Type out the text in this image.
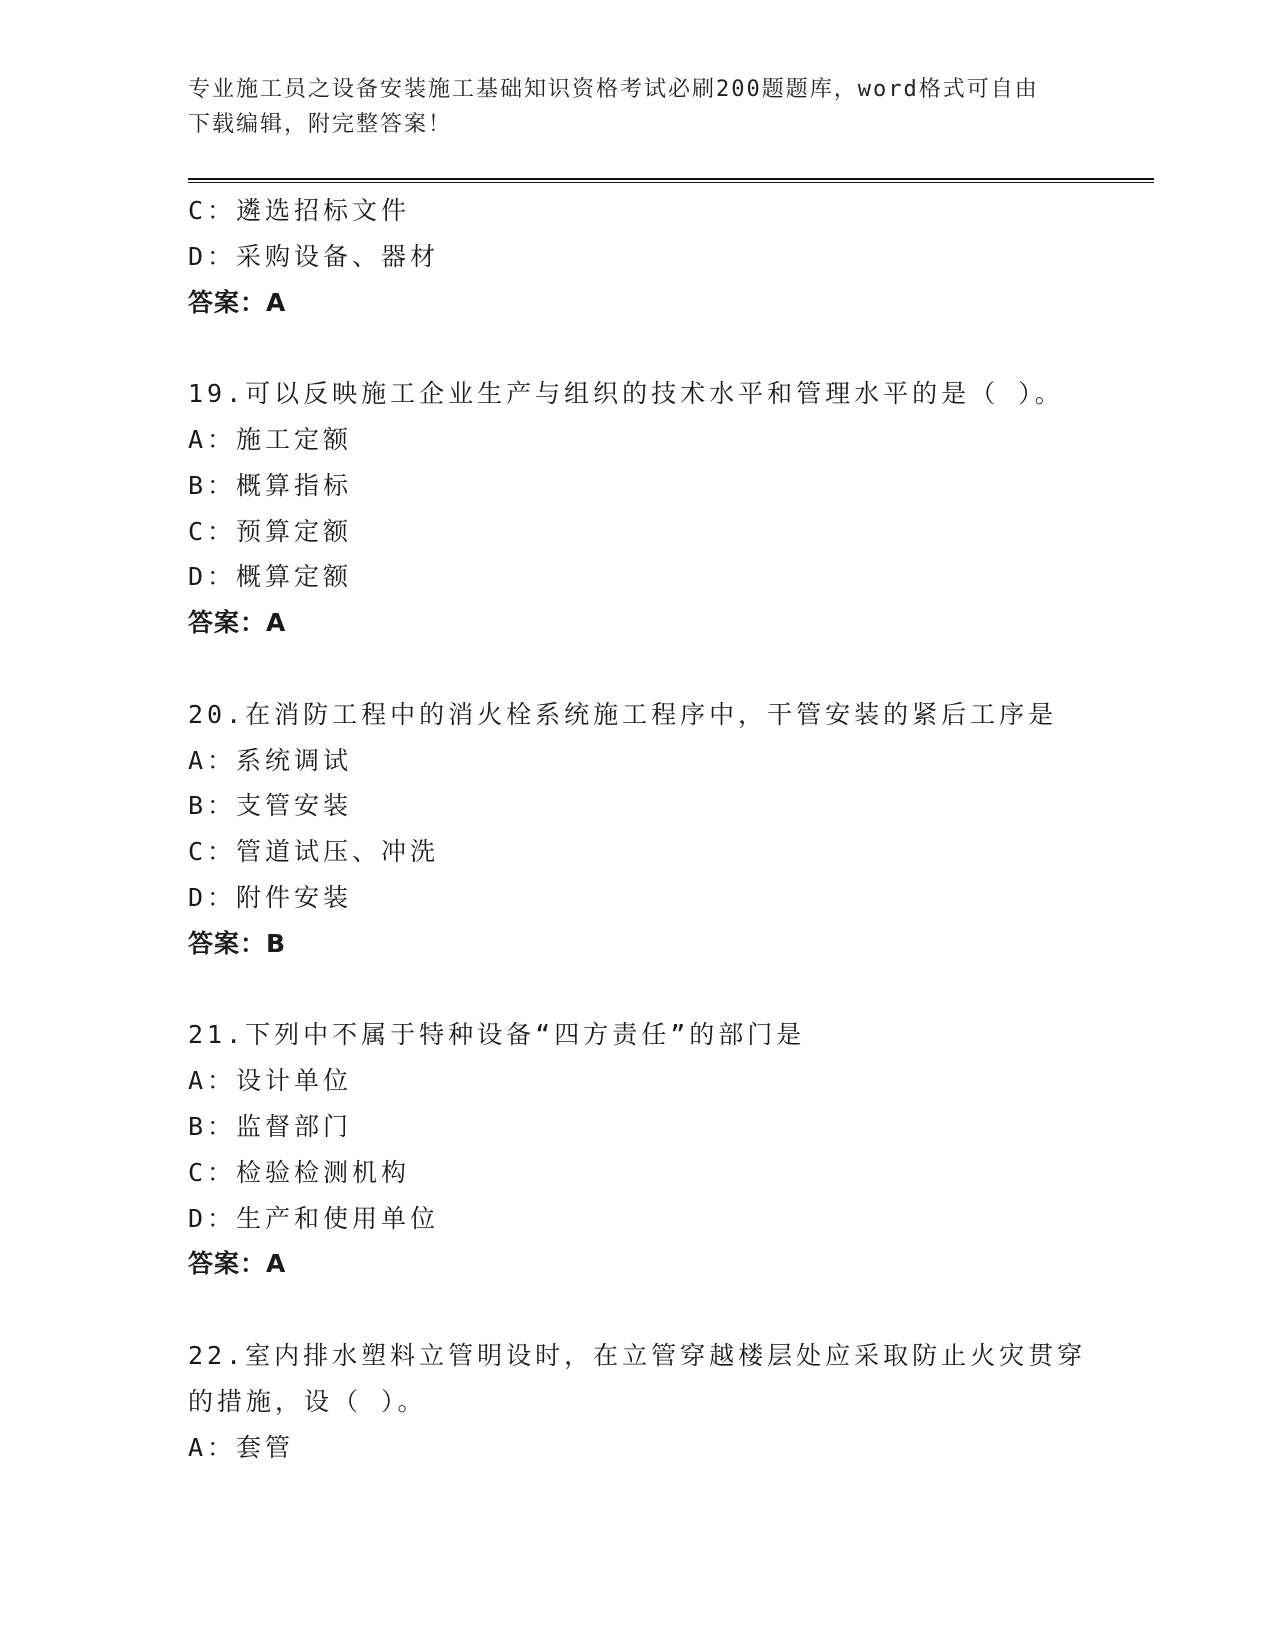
专业施工员之设备安装施工基础知识资格考试必刷200题题库，word格式可自由
下载编辑，附完整答案！
C：遴选招标文件
D：采购设备、器材
答案：A
19.可以反映施工企业生产与组织的技术水平和管理水平的是（ ）。
A：施工定额
B：概算指标
C：预算定额
D：概算定额
答案：A
20.在消防工程中的消火栓系统施工程序中，干管安装的紧后工序是
A：系统调试
B：支管安装
C：管道试压、冲洗
D：附件安装
答案：B
21.下列中不属于特种设备“四方责任”的部门是
A：设计单位
B：监督部门
C：检验检测机构
D：生产和使用单位
答案：A
22.室内排水塑料立管明设时，在立管穿越楼层处应采取防止火灾贯穿
的措施，设（ ）。
A：套管
